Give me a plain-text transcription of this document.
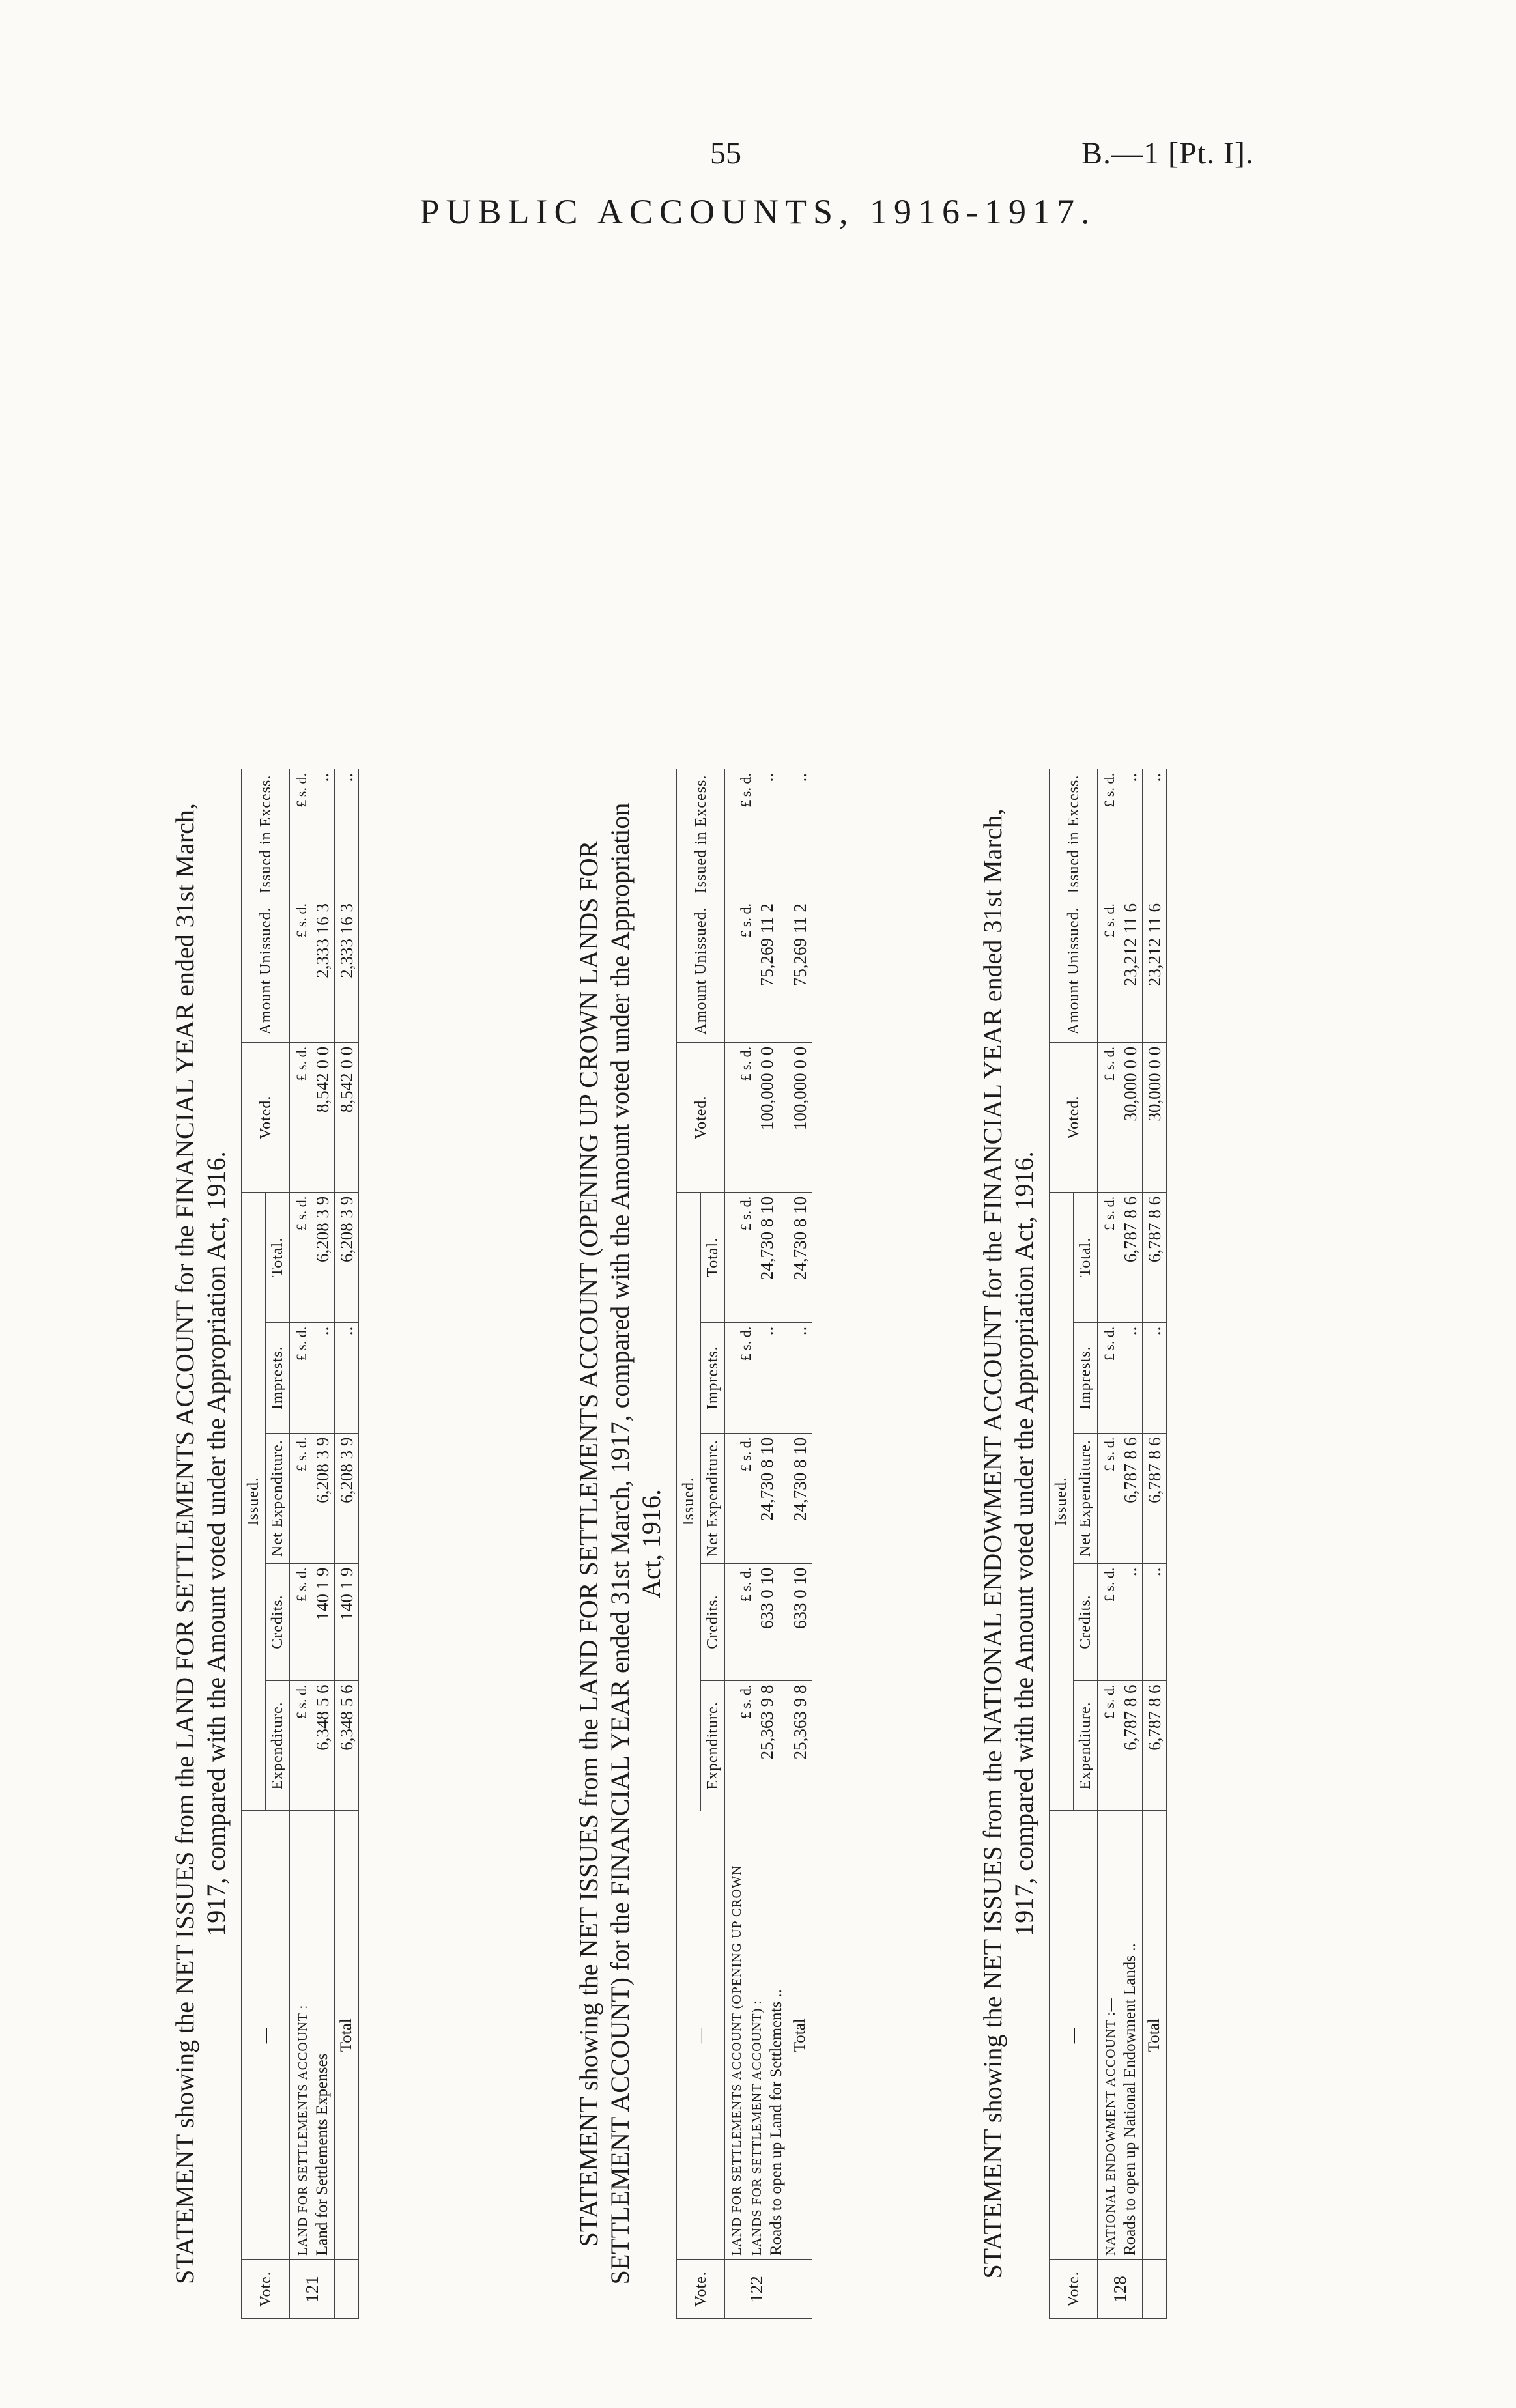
55	B.—1 [Pt. I].
PUBLIC ACCOUNTS, 1916-1917.
STATEMENT showing the NET ISSUES from the LAND FOR SETTLEMENTS ACCOUNT for the FINANCIAL YEAR ended 31st March, 1917, compared with the Amount voted under the Appropriation Act, 1916.
Vote.	—	Issued.					Voted.	Amount Unissued.	Issued in Excess.
		Expenditure.	Credits.	Net Expenditure.	Imprests.	Total.			
121	LAND FOR SETTLEMENTS ACCOUNT :— Land for Settlements Expenses	£ s. d. 6,348 5 6	£ s. d. 140 1 9	£ s. d. 6,208 3 9	£ s. d. ..	£ s. d. 6,208 3 9	£ s. d. 8,542 0 0	£ s. d. 2,333 16 3	£ s. d. ..
	Total	6,348 5 6	140 1 9	6,208 3 9	..	6,208 3 9	8,542 0 0	2,333 16 3	..
STATEMENT showing the NET ISSUES from the LAND FOR SETTLEMENTS ACCOUNT (OPENING UP CROWN LANDS FOR SETTLEMENT ACCOUNT) for the FINANCIAL YEAR ended 31st March, 1917, compared with the Amount voted under the Appropriation Act, 1916.
Vote.	—	Issued.					Voted.	Amount Unissued.	Issued in Excess.
		Expenditure.	Credits.	Net Expenditure.	Imprests.	Total.			
122	LAND FOR SETTLEMENTS ACCOUNT (OPENING UP CROWN LANDS FOR SETTLEMENT ACCOUNT) :— Roads to open up Land for Settlements ..	£ s. d. 25,363 9 8	£ s. d. 633 0 10	£ s. d. 24,730 8 10	£ s. d. ..	£ s. d. 24,730 8 10	£ s. d. 100,000 0 0	£ s. d. 75,269 11 2	£ s. d. ..
	Total	25,363 9 8	633 0 10	24,730 8 10	..	24,730 8 10	100,000 0 0	75,269 11 2	..
STATEMENT showing the NET ISSUES from the NATIONAL ENDOWMENT ACCOUNT for the FINANCIAL YEAR ended 31st March, 1917, compared with the Amount voted under the Appropriation Act, 1916.
Vote.	—	Issued.					Voted.	Amount Unissued.	Issued in Excess.
		Expenditure.	Credits.	Net Expenditure.	Imprests.	Total.			
128	NATIONAL ENDOWMENT ACCOUNT :— Roads to open up National Endowment Lands ..	£ s. d. 6,787 8 6	£ s. d. ..	£ s. d. 6,787 8 6	£ s. d. ..	£ s. d. 6,787 8 6	£ s. d. 30,000 0 0	£ s. d. 23,212 11 6	£ s. d. ..
	Total	6,787 8 6	..	6,787 8 6	..	6,787 8 6	30,000 0 0	23,212 11 6	..
